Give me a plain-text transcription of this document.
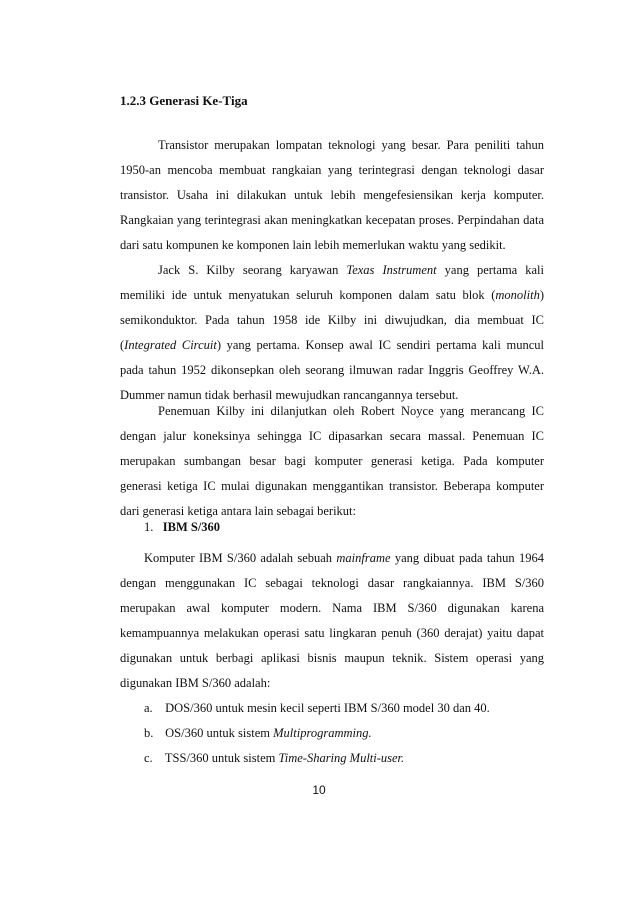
1.2.3 Generasi Ke-Tiga

Transistor merupakan lompatan teknologi yang besar. Para peniliti tahun 1950-an mencoba membuat rangkaian yang terintegrasi dengan teknologi dasar transistor. Usaha ini dilakukan untuk lebih mengefesiensikan kerja komputer. Rangkaian yang terintegrasi akan meningkatkan kecepatan proses. Perpindahan data dari satu kompunen ke komponen lain lebih memerlukan waktu yang sedikit.

Jack S. Kilby seorang karyawan Texas Instrument yang pertama kali memiliki ide untuk menyatukan seluruh komponen dalam satu blok (monolith) semikonduktor. Pada tahun 1958 ide Kilby ini diwujudkan, dia membuat IC (Integrated Circuit) yang pertama. Konsep awal IC sendiri pertama kali muncul pada tahun 1952 dikonsepkan oleh seorang ilmuwan radar Inggris Geoffrey W.A. Dummer namun tidak berhasil mewujudkan rancangannya tersebut.

Penemuan Kilby ini dilanjutkan oleh Robert Noyce yang merancang IC dengan jalur koneksinya sehingga IC dipasarkan secara massal. Penemuan IC merupakan sumbangan besar bagi komputer generasi ketiga. Pada komputer generasi ketiga IC mulai digunakan menggantikan transistor. Beberapa komputer dari generasi ketiga antara lain sebagai berikut:

1. IBM S/360

Komputer IBM S/360 adalah sebuah mainframe yang dibuat pada tahun 1964 dengan menggunakan IC sebagai teknologi dasar rangkaiannya. IBM S/360 merupakan awal komputer modern. Nama IBM S/360 digunakan karena kemampuannya melakukan operasi satu lingkaran penuh (360 derajat) yaitu dapat digunakan untuk berbagi aplikasi bisnis maupun teknik. Sistem operasi yang digunakan IBM S/360 adalah:

a. DOS/360 untuk mesin kecil seperti IBM S/360 model 30 dan 40.
b. OS/360 untuk sistem Multiprogramming.
c. TSS/360 untuk sistem Time-Sharing Multi-user.
10
